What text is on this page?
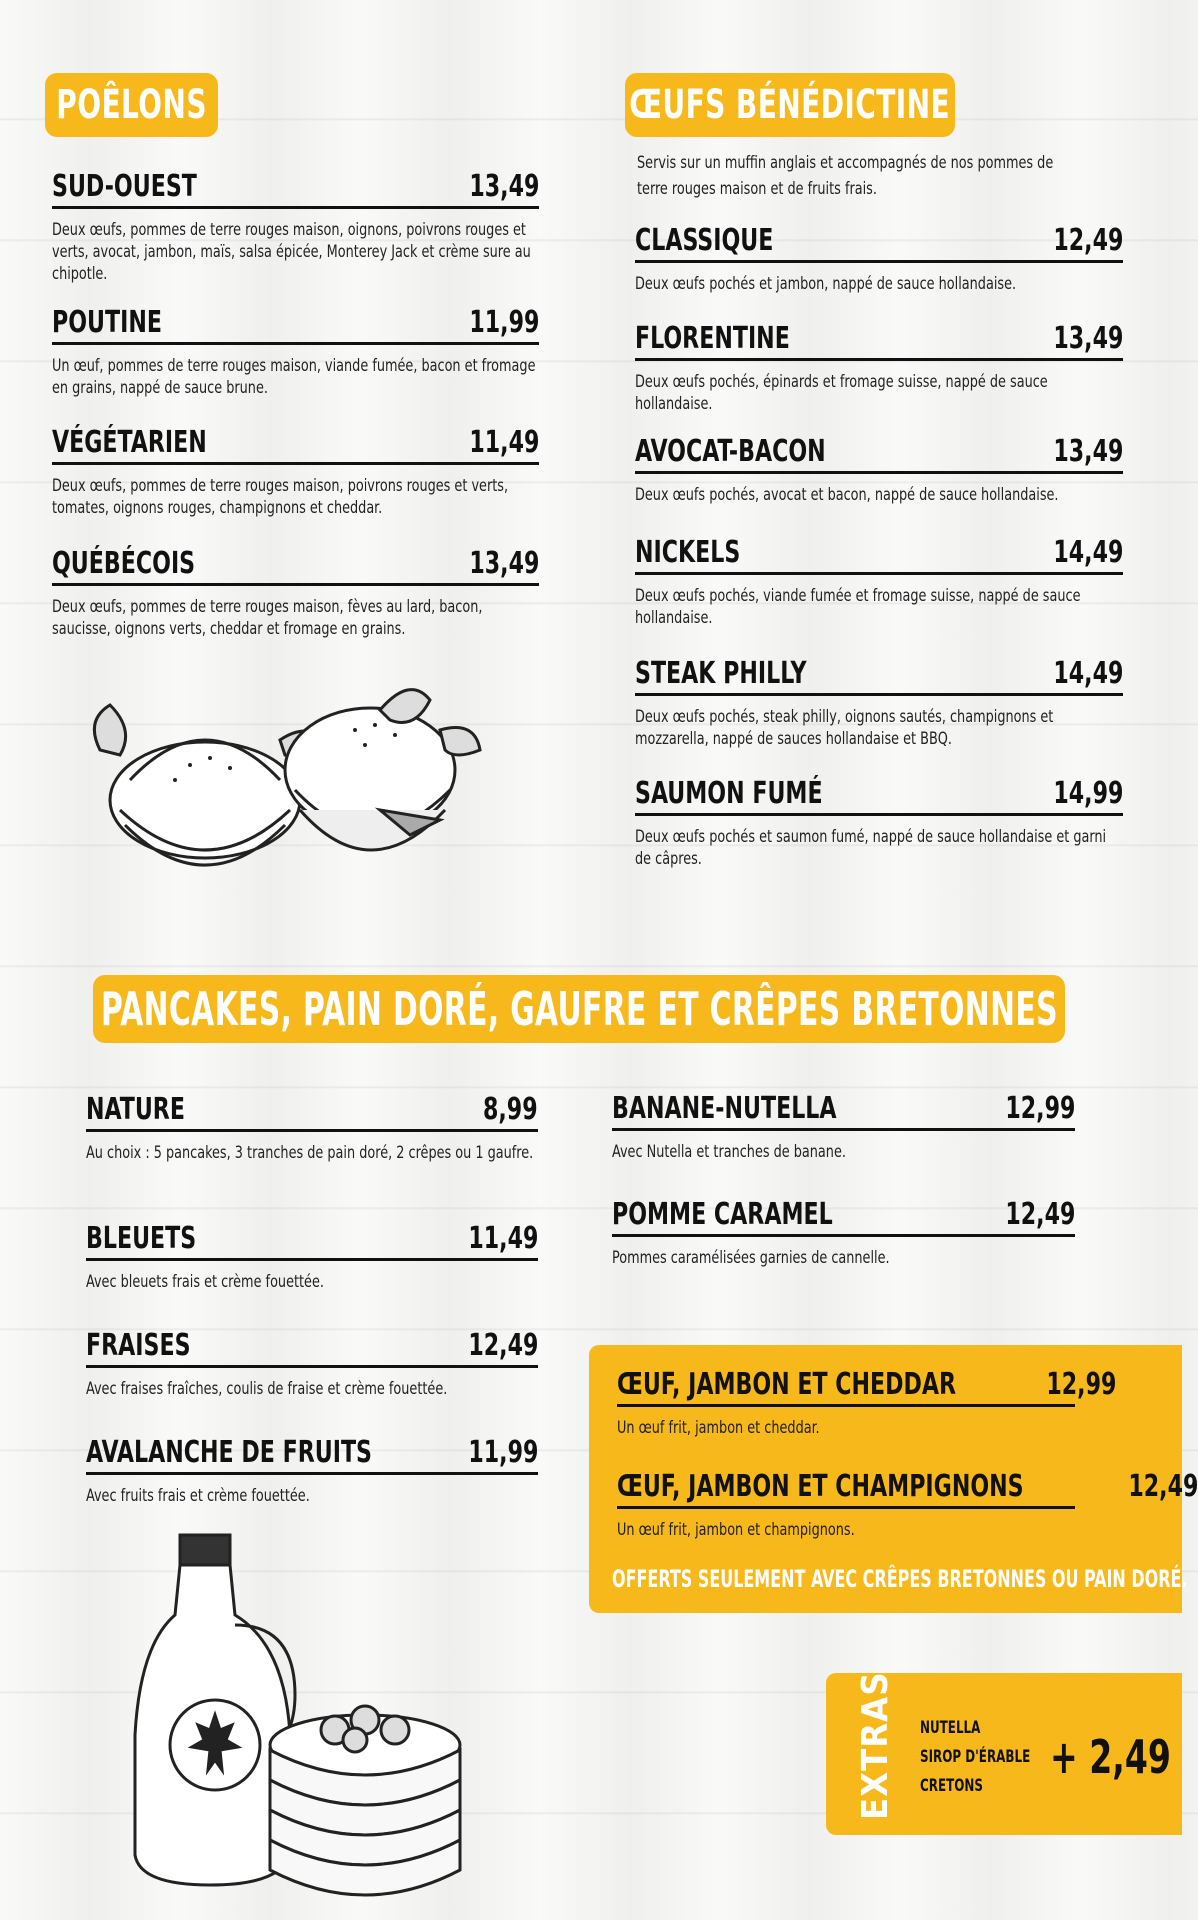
POÊLONS
SUD-OUEST	13,49
Deux œufs, pommes de terre rouges maison, oignons, poivrons rouges et verts, avocat, jambon, maïs, salsa épicée, Monterey Jack et crème sure au chipotle.
POUTINE	11,99
Un œuf, pommes de terre rouges maison, viande fumée, bacon et fromage en grains, nappé de sauce brune.
VÉGÉTARIEN	11,49
Deux œufs, pommes de terre rouges maison, poivrons rouges et verts, tomates, oignons rouges, champignons et cheddar.
QUÉBÉCOIS	13,49
Deux œufs, pommes de terre rouges maison, fèves au lard, bacon, saucisse, oignons verts, cheddar et fromage en grains.
ŒUFS BÉNÉDICTINE
Servis sur un muffin anglais et accompagnés de nos pommes de terre rouges maison et de fruits frais.
CLASSIQUE	12,49
Deux œufs pochés et jambon, nappé de sauce hollandaise.
FLORENTINE	13,49
Deux œufs pochés, épinards et fromage suisse, nappé de sauce hollandaise.
AVOCAT-BACON	13,49
Deux œufs pochés, avocat et bacon, nappé de sauce hollandaise.
NICKELS	14,49
Deux œufs pochés, viande fumée et fromage suisse, nappé de sauce hollandaise.
STEAK PHILLY	14,49
Deux œufs pochés, steak philly, oignons sautés, champignons et mozzarella, nappé de sauces hollandaise et BBQ.
SAUMON FUMÉ	14,99
Deux œufs pochés et saumon fumé, nappé de sauce hollandaise et garni de câpres.
PANCAKES, PAIN DORÉ, GAUFRE ET CRÊPES BRETONNES
NATURE	8,99
Au choix : 5 pancakes, 3 tranches de pain doré, 2 crêpes ou 1 gaufre.
BLEUETS	11,49
Avec bleuets frais et crème fouettée.
FRAISES	12,49
Avec fraises fraîches, coulis de fraise et crème fouettée.
AVALANCHE DE FRUITS	11,99
Avec fruits frais et crème fouettée.
BANANE-NUTELLA	12,99
Avec Nutella et tranches de banane.
POMME CARAMEL	12,49
Pommes caramélisées garnies de cannelle.
ŒUF, JAMBON ET CHEDDAR	12,99
Un œuf frit, jambon et cheddar.
ŒUF, JAMBON ET CHAMPIGNONS	12,49
Un œuf frit, jambon et champignons.
OFFERTS SEULEMENT AVEC CRÊPES BRETONNES OU PAIN DORÉ.
EXTRAS NUTELLA
SIROP D'ÉRABLE
CRETONS
+ 2,49
